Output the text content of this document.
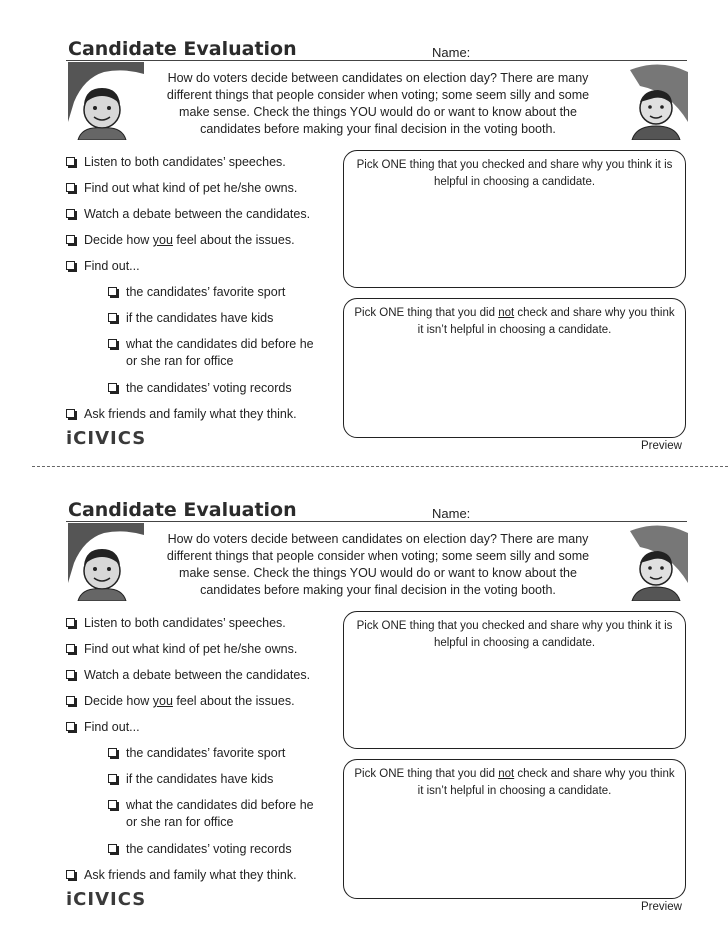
Candidate Evaluation	Name:
How do voters decide between candidates on election day? There are many different things that people consider when voting; some seem silly and some make sense. Check the things YOU would do or want to know about the candidates before making your final decision in the voting booth.
Listen to both candidates’ speeches.
Find out what kind of pet he/she owns.
Watch a debate between the candidates.
Decide how you feel about the issues.
Find out...
the candidates’ favorite sport
if the candidates have kids
what the candidates did before he
or she ran for office
the candidates’ voting records
Ask friends and family what they think.
Pick ONE thing that you checked and share why you think it is helpful in choosing a candidate.
Pick ONE thing that you did not check and share why you think it isn’t helpful in choosing a candidate.
iCIVICS	Preview
Candidate Evaluation	Name:
How do voters decide between candidates on election day? There are many different things that people consider when voting; some seem silly and some make sense. Check the things YOU would do or want to know about the candidates before making your final decision in the voting booth.
Listen to both candidates’ speeches.
Find out what kind of pet he/she owns.
Watch a debate between the candidates.
Decide how you feel about the issues.
Find out...
the candidates’ favorite sport
if the candidates have kids
what the candidates did before he
or she ran for office
the candidates’ voting records
Ask friends and family what they think.
Pick ONE thing that you checked and share why you think it is helpful in choosing a candidate.
Pick ONE thing that you did not check and share why you think it isn’t helpful in choosing a candidate.
iCIVICS	Preview
